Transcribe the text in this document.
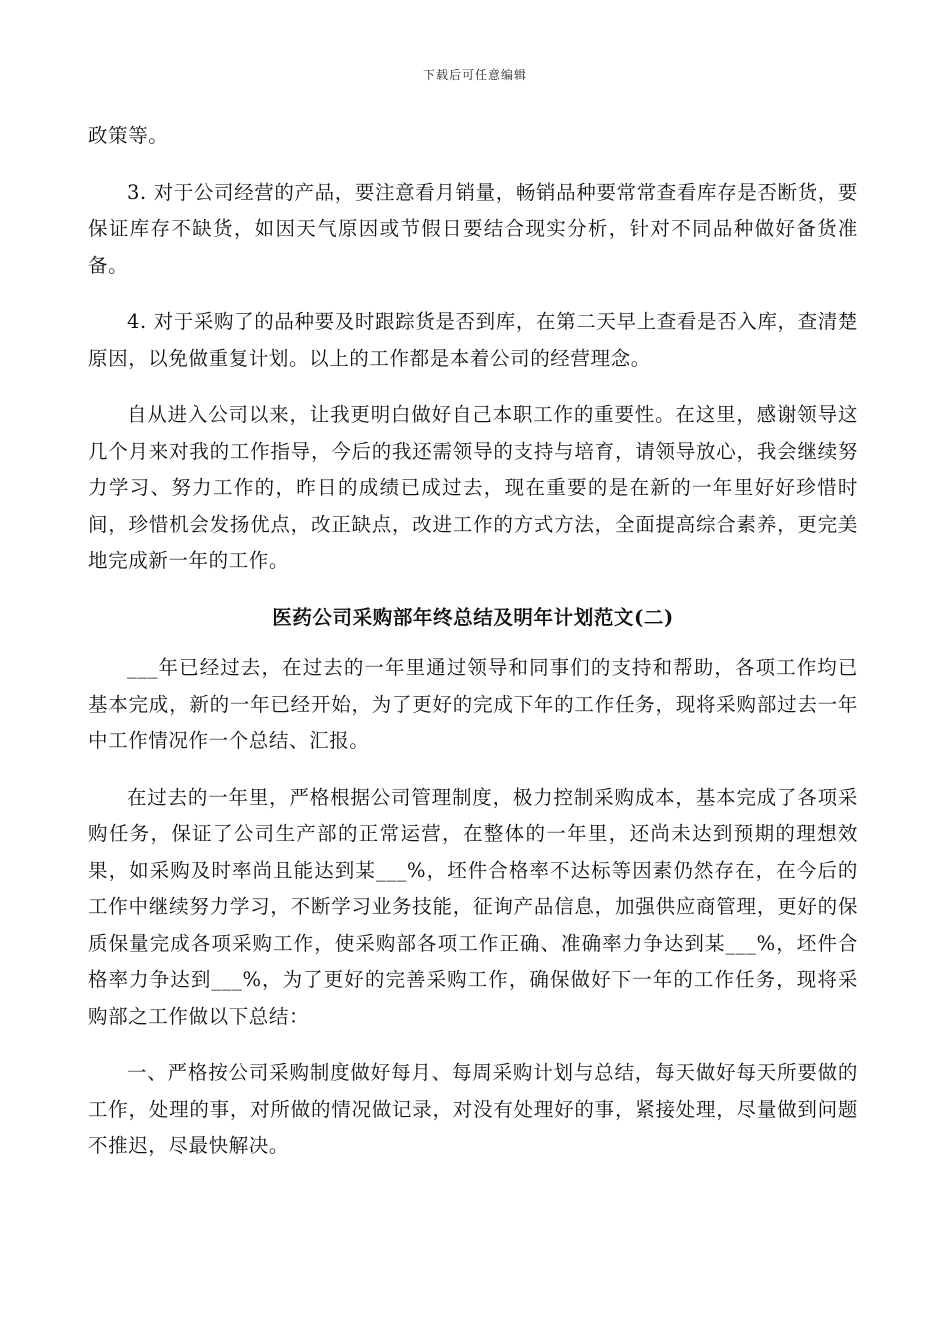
下载后可任意编辑

政策等。

3. 对于公司经营的产品，要注意看月销量，畅销品种要常常查看库存是否断货，要保证库存不缺货，如因天气原因或节假日要结合现实分析，针对不同品种做好备货准备。

4. 对于采购了的品种要及时跟踪货是否到库，在第二天早上查看是否入库，查清楚原因，以免做重复计划。以上的工作都是本着公司的经营理念。

自从进入公司以来，让我更明白做好自己本职工作的重要性。在这里，感谢领导这几个月来对我的工作指导，今后的我还需领导的支持与培育，请领导放心，我会继续努力学习、努力工作的，昨日的成绩已成过去，现在重要的是在新的一年里好好珍惜时间，珍惜机会发扬优点，改正缺点，改进工作的方式方法，全面提高综合素养，更完美地完成新一年的工作。

医药公司采购部年终总结及明年计划范文(二)

___年已经过去，在过去的一年里通过领导和同事们的支持和帮助，各项工作均已基本完成，新的一年已经开始，为了更好的完成下年的工作任务，现将采购部过去一年中工作情况作一个总结、汇报。

在过去的一年里，严格根据公司管理制度，极力控制采购成本，基本完成了各项采购任务，保证了公司生产部的正常运营，在整体的一年里，还尚未达到预期的理想效果，如采购及时率尚且能达到某___%，坯件合格率不达标等因素仍然存在，在今后的工作中继续努力学习，不断学习业务技能，征询产品信息，加强供应商管理，更好的保质保量完成各项采购工作，使采购部各项工作正确、准确率力争达到某___%，坯件合格率力争达到___%，为了更好的完善采购工作，确保做好下一年的工作任务，现将采购部之工作做以下总结：

一、严格按公司采购制度做好每月、每周采购计划与总结，每天做好每天所要做的工作，处理的事，对所做的情况做记录，对没有处理好的事，紧接处理，尽量做到问题不推迟，尽最快解决。
